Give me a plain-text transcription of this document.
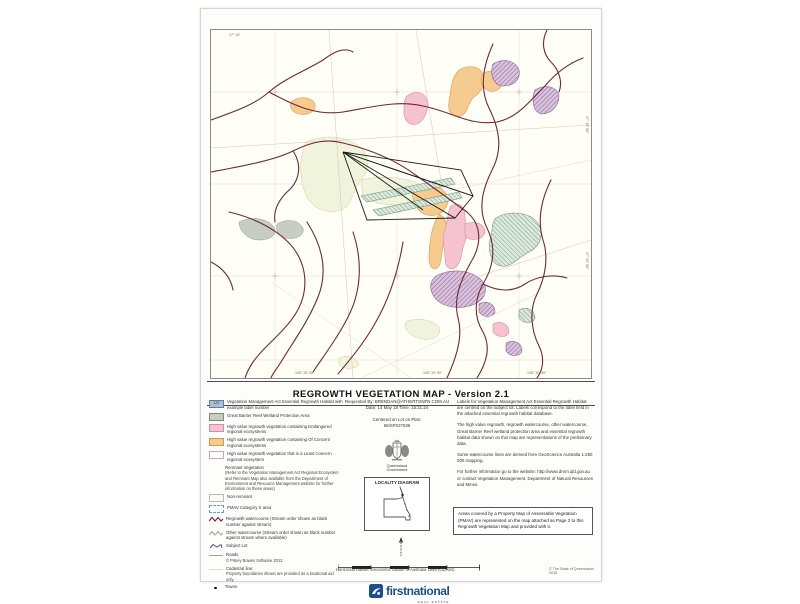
17° 10'
145° 25' 00"	145° 29' 00"	145° 30' 00"
17° 15' 00"
17° 20' 00"
REGROWTH VEGETATION MAP - Version 2.1
123 Vegetation Management Act Essential Regrowth Habitat with example label number
Great Barrier Reef Wetland Protection Area
High value regrowth vegetation containing Endangered regional ecosystems
High value regrowth vegetation containing Of Concern regional ecosystems
High value regrowth vegetation that is a Least Concern regional ecosystem
Remnant Vegetation
(Refer to the Vegetation Management Act Regional Ecosystem and Remnant Map also available from the Department of Environment and Resource Management website for further information on these areas)
Non-remnant
PMAV Category X area
Regrowth watercourse (Stream order shown as black number against stream)
Other watercourse (Stream order shown as black number against stream where available)
Subject Lot
Roads
© Pitney Bowes Software 2012
Cadastral line:
Property boundaries shown are provided as a locational aid only.
Towns
Requested By: BRENDAN@ATHERTONFN.COM.AU
Date: 14 May 18 Time: 15:21:24
Centered on Lot on Plan:
66/SP227636
Queensland
Government
LOCALITY DIAGRAM
Horizontal Datum: Geocentric Datum of Australia 1994 (GDA94)	© The State of Queensland 2018

Labels for Vegetation Management Act Essential Regrowth Habitat are centred on the subject lot. Labels correspond to the label field in the attached essential regrowth habitat database.

The high value regrowth, regrowth watercourse, other watercourse, Great Barrier Reef wetland protection area and essential regrowth habitat data shown on this map are representations of the preliminary data.

Some watercourse lines are derived from GeoScience Australia 1:250 000 mapping.

For further information go to the website: http://www.dnrm.qld.gov.au or contact Vegetation Management, Department of Natural Resources and Mines.

Areas covered by a Property Map of Assessable Vegetation (PMAV) are represented on the map attached as Page 2 to this Regrowth Vegetation Map and provided with it.

firstnational
REAL ESTATE
